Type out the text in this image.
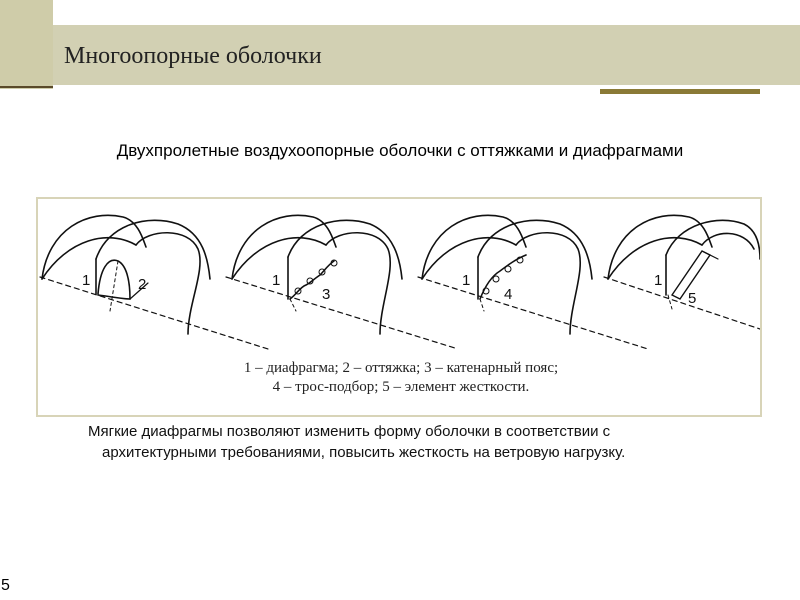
Многоопорные оболочки
Двухпролетные воздухоопорные оболочки с оттяжками и диафрагмами
1	2	1
3
1
4
1
5
1 – диафрагма; 2 – оттяжка; 3 – катенарный пояс;
4 – трос-подбор; 5 – элемент жесткости.
Мягкие диафрагмы позволяют изменить форму оболочки в соответствии с
архитектурными требованиями, повысить жесткость на ветровую нагрузку.
5
